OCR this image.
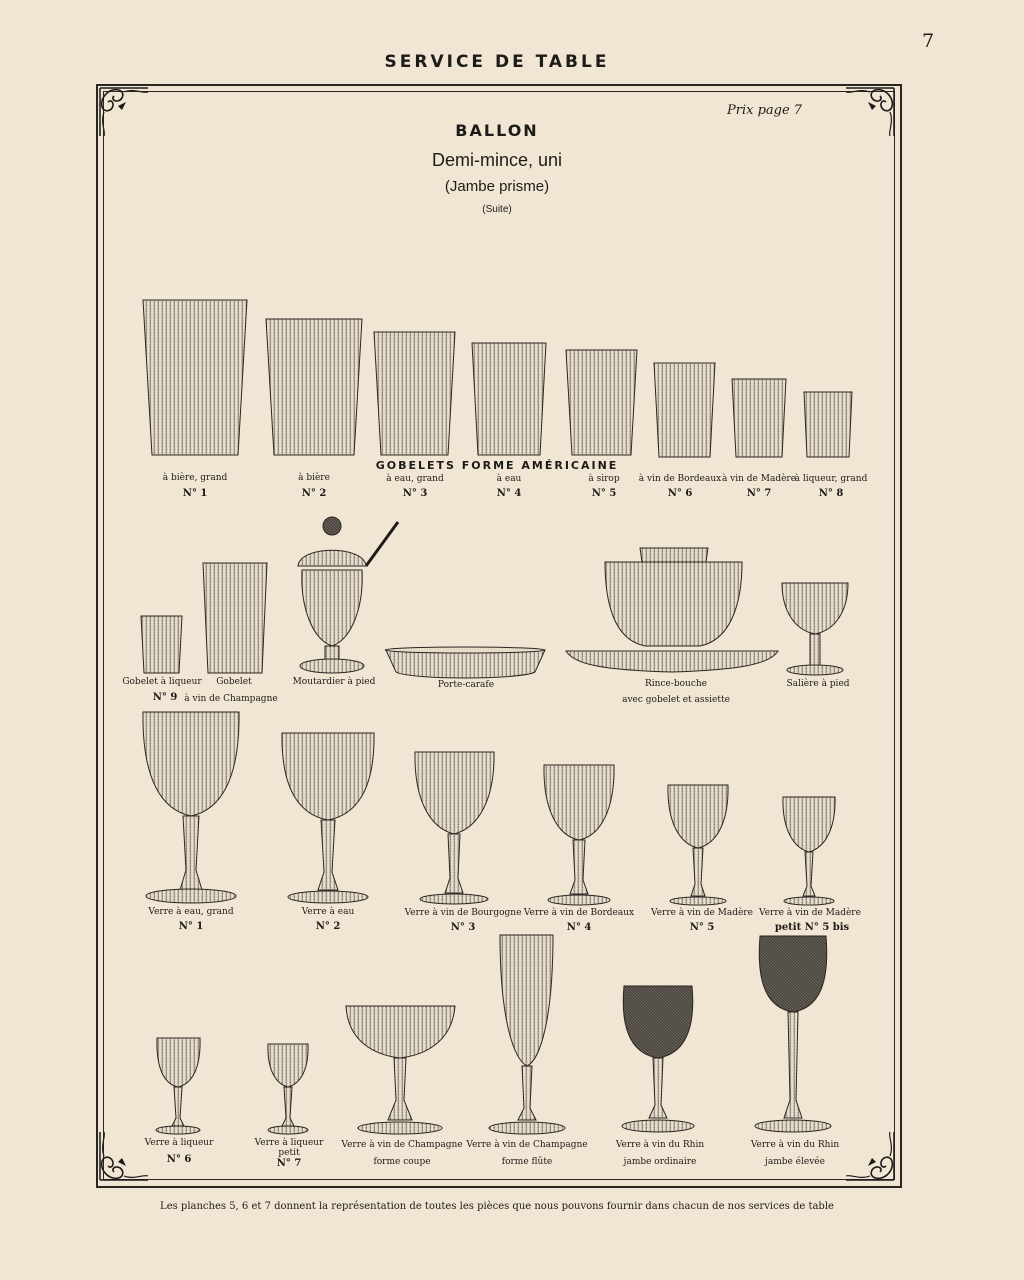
7
SERVICE DE TABLE
Prix page 7
BALLON
Demi-mince, uni
(Jambe prisme)
(Suite)
GOBELETS FORME AMÉRICAINE
à bière, grand
N° 1
à bière
N° 2
à eau, grand
N° 3
à eau
N° 4
à sirop
N° 5
à vin de Bordeaux
N° 6
à vin de Madère
N° 7
à liqueur, grand
N° 8
Gobelet à liqueur Gobelet
N° 9 à vin de Champagne
Moutardier à pied	Porte-carafe	Rince-bouche
avec gobelet et assiette
Salière à pied
Verre à eau, grand
N° 1
Verre à eau
N° 2
Verre à vin de Bourgogne
N° 3
Verre à vin de Bordeaux
N° 4
Verre à vin de Madère
N° 5
Verre à vin de Madère
petit N° 5 bis
Verre à liqueur
N° 6
Verre à liqueur
petit
N° 7
Verre à vin de Champagne
forme coupe
Verre à vin de Champagne
forme flûte
Verre à vin du Rhin
jambe ordinaire
Verre à vin du Rhin
jambe élevée
Les planches 5, 6 et 7 donnent la représentation de toutes les pièces que nous pouvons fournir dans chacun de nos services de table
